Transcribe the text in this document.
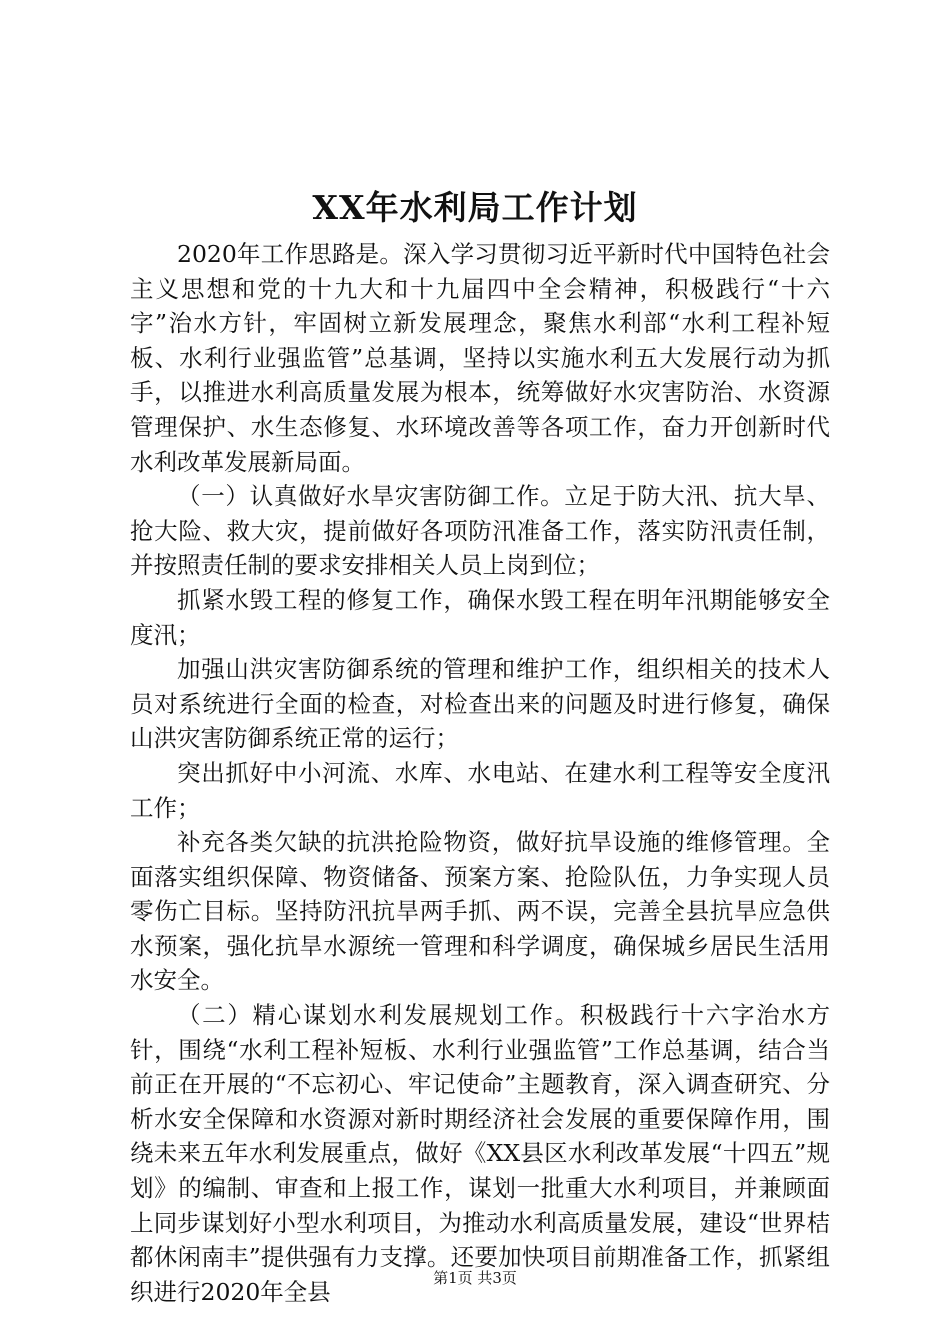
XX年水利局工作计划

2020年工作思路是。深入学习贯彻习近平新时代中国特色社会主义思想和党的十九大和十九届四中全会精神，积极践行“十六字”治水方针，牢固树立新发展理念，聚焦水利部“水利工程补短板、水利行业强监管”总基调，坚持以实施水利五大发展行动为抓手，以推进水利高质量发展为根本，统筹做好水灾害防治、水资源管理保护、水生态修复、水环境改善等各项工作，奋力开创新时代水利改革发展新局面。

（一）认真做好水旱灾害防御工作。立足于防大汛、抗大旱、抢大险、救大灾，提前做好各项防汛准备工作，落实防汛责任制，并按照责任制的要求安排相关人员上岗到位；

抓紧水毁工程的修复工作，确保水毁工程在明年汛期能够安全度汛；

加强山洪灾害防御系统的管理和维护工作，组织相关的技术人员对系统进行全面的检查，对检查出来的问题及时进行修复，确保山洪灾害防御系统正常的运行；

突出抓好中小河流、水库、水电站、在建水利工程等安全度汛工作；

补充各类欠缺的抗洪抢险物资，做好抗旱设施的维修管理。全面落实组织保障、物资储备、预案方案、抢险队伍，力争实现人员零伤亡目标。坚持防汛抗旱两手抓、两不误，完善全县抗旱应急供水预案，强化抗旱水源统一管理和科学调度，确保城乡居民生活用水安全。

（二）精心谋划水利发展规划工作。积极践行十六字治水方针，围绕“水利工程补短板、水利行业强监管”工作总基调，结合当前正在开展的“不忘初心、牢记使命”主题教育，深入调查研究、分析水安全保障和水资源对新时期经济社会发展的重要保障作用，围绕未来五年水利发展重点，做好《XX县区水利改革发展“十四五”规划》的编制、审查和上报工作，谋划一批重大水利项目，并兼顾面上同步谋划好小型水利项目，为推动水利高质量发展，建设“世界桔都休闲南丰”提供强有力支撑。还要加快项目前期准备工作，抓紧组织进行2020年全县	第1页 共3页
